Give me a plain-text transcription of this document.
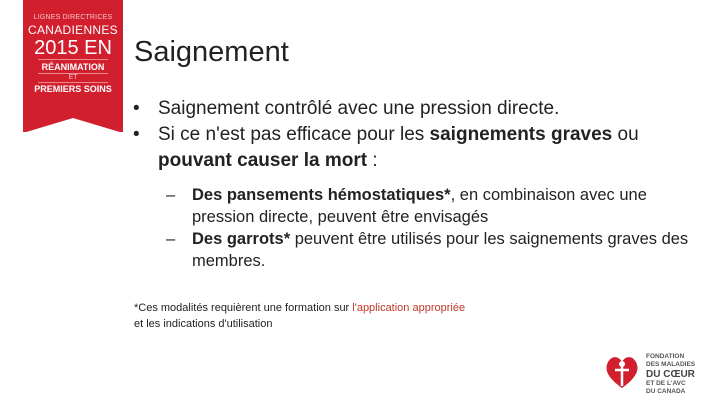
LIGNES DIRECTRICES
CANADIENNES
2015 EN
RÉANIMATION
ET
PREMIERS SOINS
Saignement
• Saignement contrôlé avec une pression directe.
• Si ce n'est pas efficace pour les saignements graves ou pouvant causer la mort :
– Des pansements hémostatiques*, en combinaison avec une pression directe, peuvent être envisagés
– Des garrots* peuvent être utilisés pour les saignements graves des membres.
*Ces modalités requièrent une formation sur l'application appropriée
et les indications d'utilisation
FONDATION
DES MALADIES
DU CŒUR
ET DE L'AVC
DU CANADA
